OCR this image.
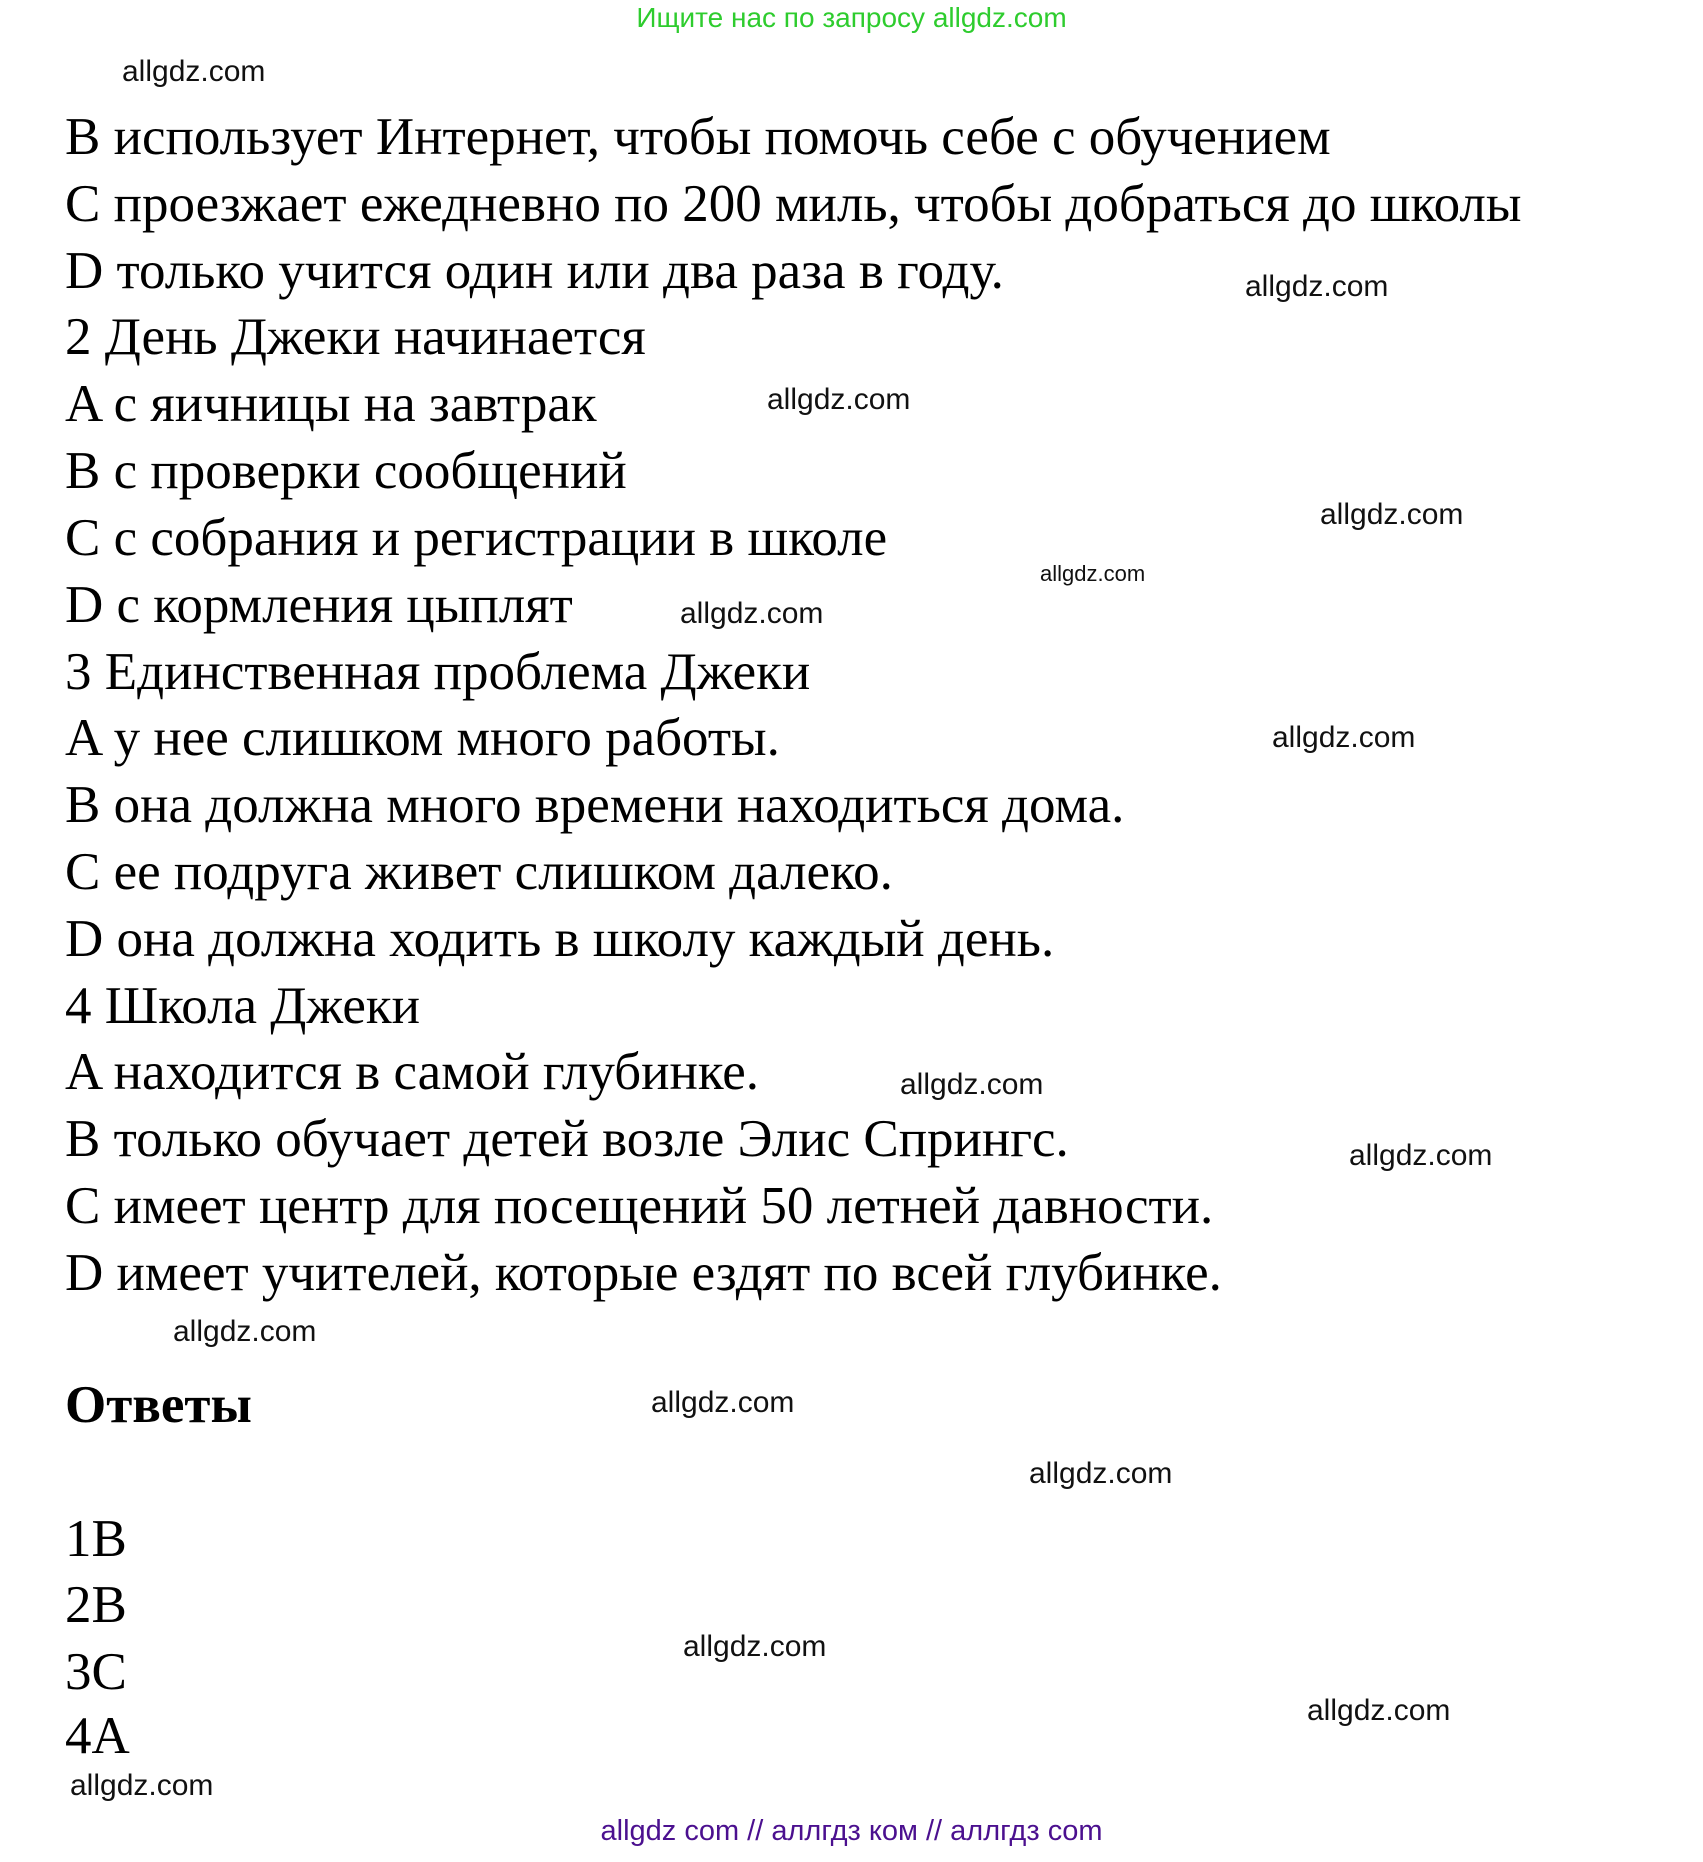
Ищите нас по запросу allgdz.com
B использует Интернет, чтобы помочь себе с обучением
C проезжает ежедневно по 200 миль, чтобы добраться до школы
D только учится один или два раза в году.
2 День Джеки начинается
A с яичницы на завтрак
B с проверки сообщений
C с собрания и регистрации в школе
D с кормления цыплят
3 Единственная проблема Джеки
A у нее слишком много работы.
B она должна много времени находиться дома.
C ее подруга живет слишком далеко.
D она должна ходить в школу каждый день.
4 Школа Джеки
A находится в самой глубинке.
B только обучает детей возле Элис Спрингс.
C имеет центр для посещений 50 летней давности.
D имеет учителей, которые ездят по всей глубинке.
Ответы
1B
2B
3C
4A
allgdz.com
allgdz.com
allgdz.com
allgdz.com
allgdz.com
allgdz.com
allgdz.com
allgdz.com
allgdz.com
allgdz.com
allgdz.com
allgdz.com
allgdz.com
allgdz.com
allgdz.com
allgdz com // аллгдз ком // аллгдз com
